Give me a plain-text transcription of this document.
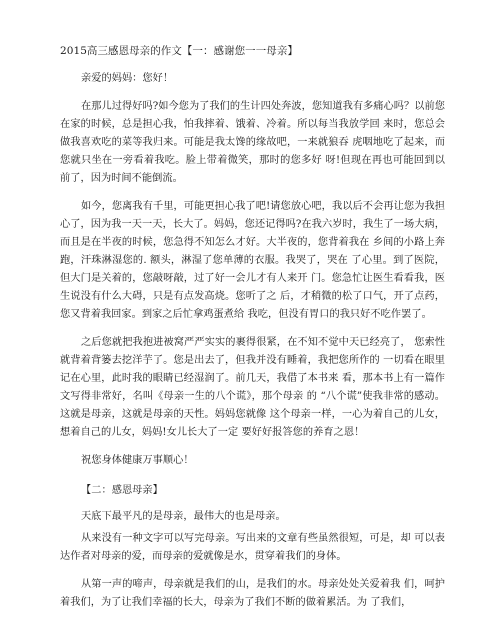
2015高三感恩母亲的作文【一：感谢您一一母亲】

亲爱的妈妈：您好！

在那儿过得好吗?如今您为了我们的生计四处奔波，您知道我有多痛心吗？以前您在家的时候，总是担心我，怕我摔着、饿着、冷着。所以每当我放学回 来时，您总会做我喜欢吃的菜等我归来。可能是我太馋的缘故吧，一来就狼吞 虎咽地吃了起来，而您就只坐在一旁看着我吃。脸上带着微笑，那时的您多好 呀!但现在再也可能回到以前了，因为时间不能倒流。

如今，您离我有千里，可能更担心我了吧!请您放心吧，我以后不会再让您为我担心了，因为我一天一天，长大了。妈妈，您还记得吗?在我六岁时，我生了一场大病，而且是在半夜的时候，您急得不知怎么才好。大半夜的，您背着我在 乡间的小路上奔跑，汗珠淋湿您的. 额头，淋湿了您单薄的衣服。我哭了，哭在 了心里。到了医院，但大门是关着的，您敲呀敲，过了好一会儿才有人来开 门。您急忙让医生看看我，医生说没有什么大碍，只是有点发高烧。您听了之 后，才稍微的松了口气，开了点药，您又背着我回家。到家之后忙拿鸡蛋煮给 我吃，但没有胃口的我只好不吃作罢了。

之后您就把我抱进被窝严严实实的裹得很紧，在不知不觉中天已经亮了， 您索性就背着背篓去挖洋芋了。您是出去了，但我并没有睡着，我把您所作的 一切看在眼里记在心里，此时我的眼睛已经湿润了。前几天，我借了本书来 看，那本书上有一篇作文写得非常好，名叫《母亲一生的八个谎》，那个母亲 的 “八个谎”使我非常的感动。这就是母亲，这就是母亲的天性。妈妈您就像 这个母亲一样，一心为着自己的儿女，想着自己的儿女，妈妈!女儿长大了一定 要好好报答您的养育之恩！

祝您身体健康万事顺心！

【二：感恩母亲】

天底下最平凡的是母亲，最伟大的也是母亲。

从来没有一种文字可以写完母亲。写出来的文章有些虽然很短，可是，却 可以表达作者对母亲的爱，而母亲的爱就像是水，贯穿着我们的身体。

从第一声的啼声，母亲就是我们的山，是我们的水。母亲处处关爱着我 们，呵护着我们，为了让我们幸福的长大，母亲为了我们不断的做着累活。为 了我们，
